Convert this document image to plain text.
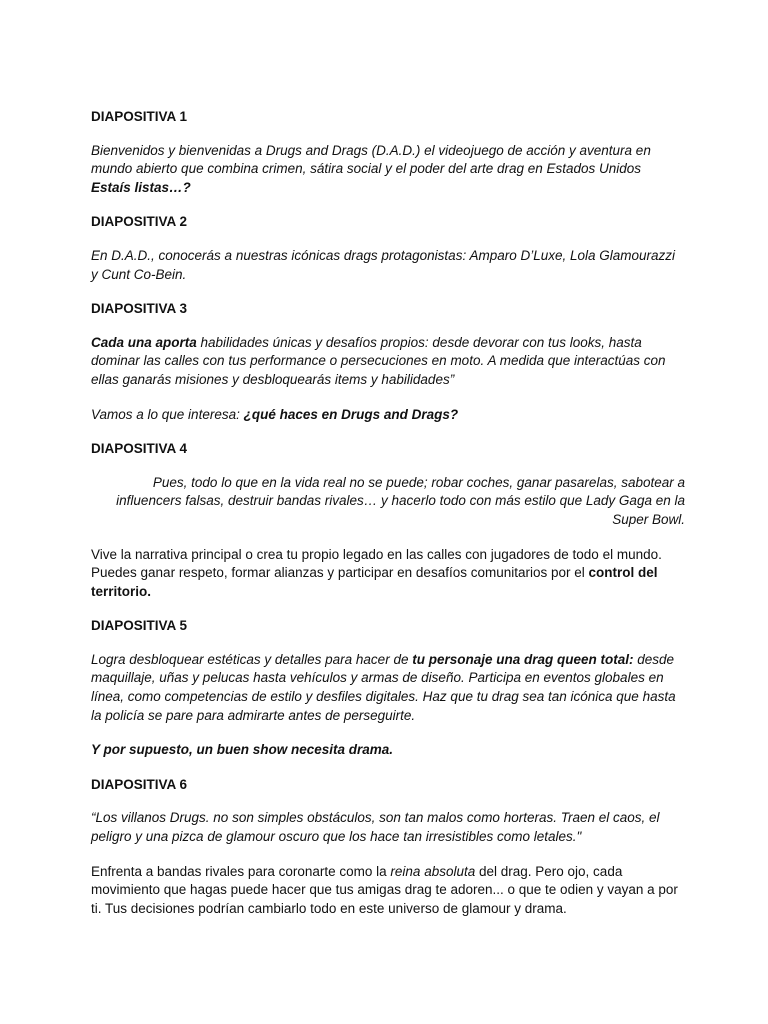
DIAPOSITIVA 1

Bienvenidos y bienvenidas a Drugs and Drags (D.A.D.) el videojuego de acción y aventura en mundo abierto que combina crimen, sátira social y el poder del arte drag en Estados Unidos
Estaís listas…?

DIAPOSITIVA 2

En D.A.D., conocerás a nuestras icónicas drags protagonistas: Amparo D’Luxe, Lola Glamourazzi y Cunt Co-Bein.

DIAPOSITIVA 3

Cada una aporta habilidades únicas y desafíos propios: desde devorar con tus looks, hasta dominar las calles con tus performance o persecuciones en moto. A medida que interactúas con ellas ganarás misiones y desbloquearás items y habilidades”

Vamos a lo que interesa: ¿qué haces en Drugs and Drags?

DIAPOSITIVA 4

Pues, todo lo que en la vida real no se puede; robar coches, ganar pasarelas, sabotear a
influencers falsas, destruir bandas rivales… y hacerlo todo con más estilo que Lady Gaga en la
Super Bowl.

Vive la narrativa principal o crea tu propio legado en las calles con jugadores de todo el mundo. Puedes ganar respeto, formar alianzas y participar en desafíos comunitarios por el control del territorio.

DIAPOSITIVA 5

Logra desbloquear estéticas y detalles para hacer de tu personaje una drag queen total: desde maquillaje, uñas y pelucas hasta vehículos y armas de diseño. Participa en eventos globales en línea, como competencias de estilo y desfiles digitales. Haz que tu drag sea tan icónica que hasta la policía se pare para admirarte antes de perseguirte.

Y por supuesto, un buen show necesita drama.

DIAPOSITIVA 6

“Los villanos Drugs. no son simples obstáculos, son tan malos como horteras. Traen el caos, el peligro y una pizca de glamour oscuro que los hace tan irresistibles como letales."

Enfrenta a bandas rivales para coronarte como la reina absoluta del drag. Pero ojo, cada movimiento que hagas puede hacer que tus amigas drag te adoren... o que te odien y vayan a por ti. Tus decisiones podrían cambiarlo todo en este universo de glamour y drama.
